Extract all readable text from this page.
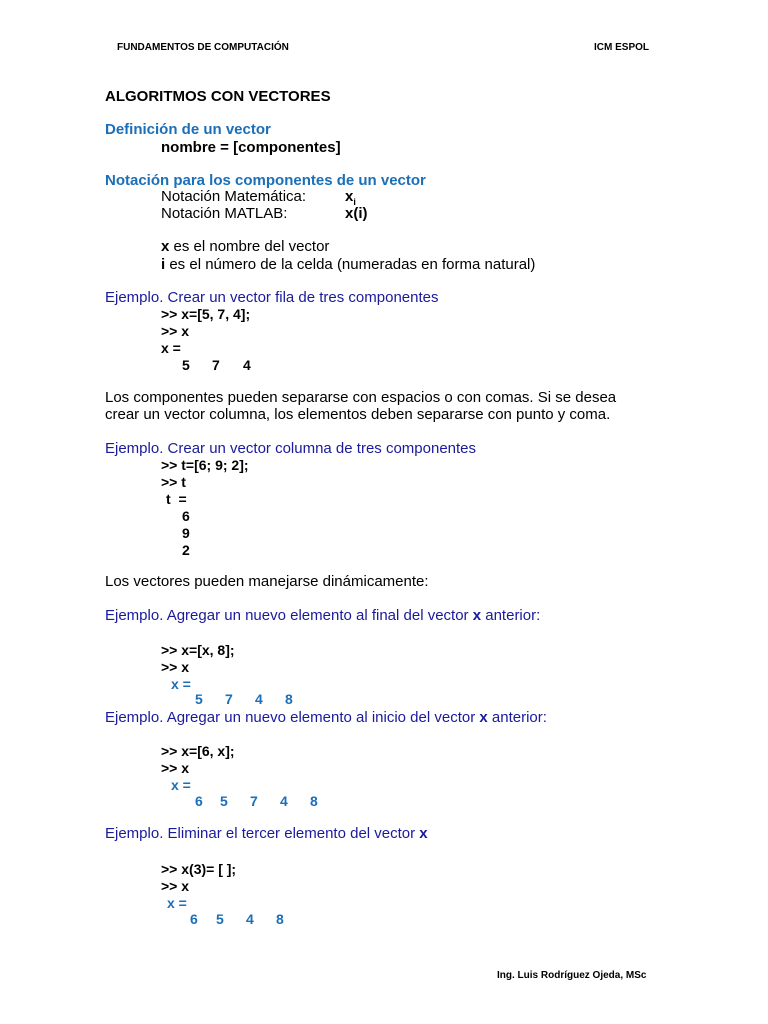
FUNDAMENTOS DE COMPUTACIÓN	ICM ESPOL
ALGORITMOS CON VECTORES
Definición de un vector
nombre = [componentes]
Notación para los componentes de un vector
Notación Matemática:	$x_i$
Notación MATLAB:	x(i)
x es el nombre del vector
i es el número de la celda (numeradas en forma natural)
Ejemplo. Crear un vector fila de tres componentes
>> x=[5, 7, 4];
>> x
x =
5 7 4
Los componentes pueden separarse con espacios o con comas. Si se desea
crear un vector columna, los elementos deben separarse con punto y coma.
Ejemplo. Crear un vector columna de tres componentes
>> t=[6; 9; 2];
>> t
t  =
6
9
2
Los vectores pueden manejarse dinámicamente:
Ejemplo. Agregar un nuevo elemento al final del vector x anterior:
>> x=[x, 8];
>> x
x =
5 7 4 8
Ejemplo. Agregar un nuevo elemento al inicio del vector x anterior:
>> x=[6, x];
>> x
x =
6 5 7 4 8
Ejemplo. Eliminar el tercer elemento del vector x
>> x(3)= [ ];
>> x
x =
6 5 4 8
Ing. Luis Rodríguez Ojeda, MSc
